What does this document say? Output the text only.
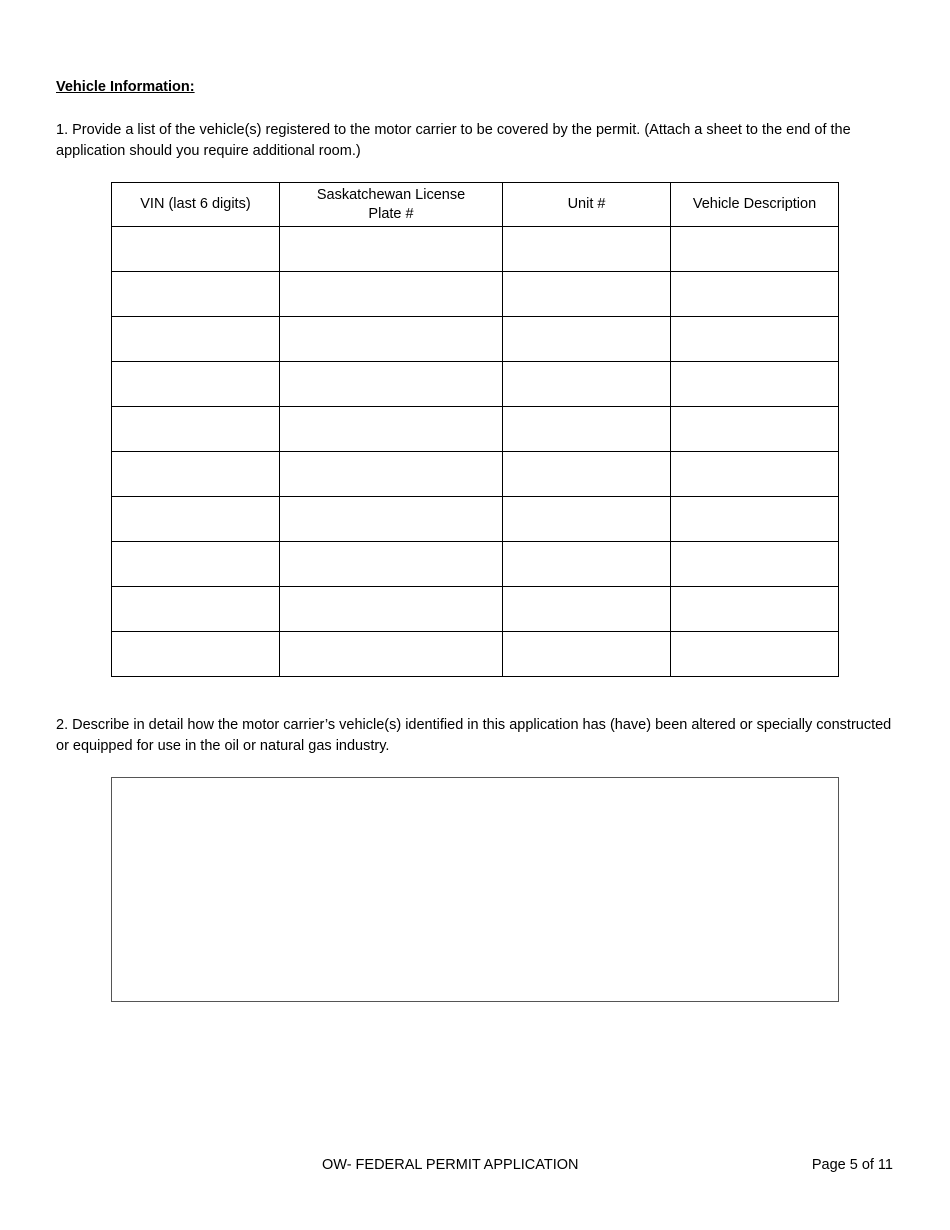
Vehicle Information:

1. Provide a list of the vehicle(s) registered to the motor carrier to be covered by the permit. (Attach a sheet to the end of the application should you require additional room.)

VIN (last 6 digits)	Saskatchewan License Plate #	Unit #	Vehicle Description

2. Describe in detail how the motor carrier’s vehicle(s) identified in this application has (have) been altered or specially constructed or equipped for use in the oil or natural gas industry.

OW- FEDERAL PERMIT APPLICATION	Page 5 of 11
